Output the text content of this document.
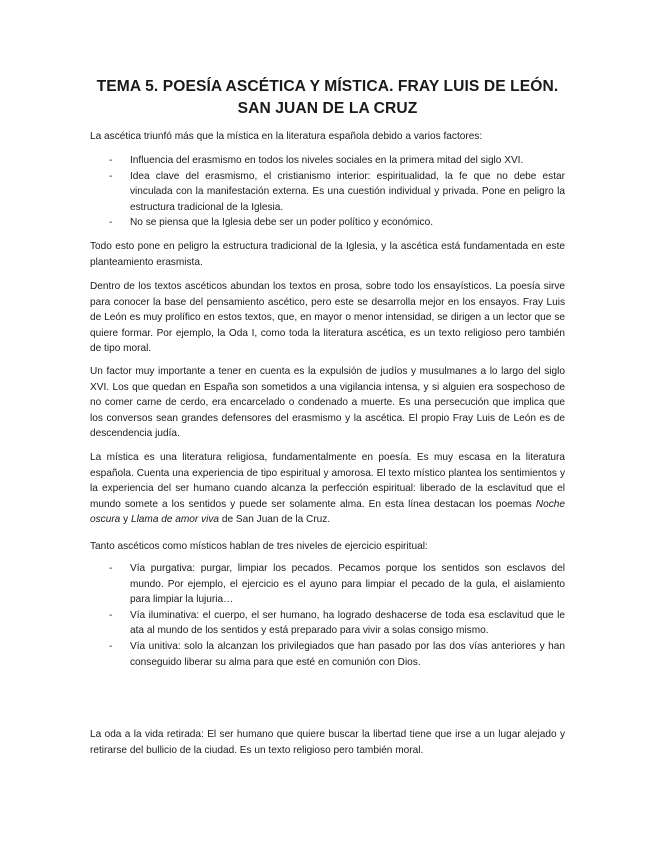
TEMA 5. POESÍA ASCÉTICA Y MÍSTICA. FRAY LUIS DE LEÓN. SAN JUAN DE LA CRUZ

La ascética triunfó más que la mística en la literatura española debido a varios factores:

- Influencia del erasmismo en todos los niveles sociales en la primera mitad del siglo XVI.
- Idea clave del erasmismo, el cristianismo interior: espiritualidad, la fe que no debe estar vinculada con la manifestación externa. Es una cuestión individual y privada. Pone en peligro la estructura tradicional de la Iglesia.
- No se piensa que la Iglesia debe ser un poder político y económico.

Todo esto pone en peligro la estructura tradicional de la Iglesia, y la ascética está fundamentada en este planteamiento erasmista.

Dentro de los textos ascéticos abundan los textos en prosa, sobre todo los ensayísticos. La poesía sirve para conocer la base del pensamiento ascético, pero este se desarrolla mejor en los ensayos. Fray Luis de León es muy prolífico en estos textos, que, en mayor o menor intensidad, se dirigen a un lector que se quiere formar. Por ejemplo, la Oda I, como toda la literatura ascética, es un texto religioso pero también de tipo moral.

Un factor muy importante a tener en cuenta es la expulsión de judíos y musulmanes a lo largo del siglo XVI. Los que quedan en España son sometidos a una vigilancia intensa, y si alguien era sospechoso de no comer carne de cerdo, era encarcelado o condenado a muerte. Es una persecución que implica que los conversos sean grandes defensores del erasmismo y la ascética. El propio Fray Luis de León es de descendencia judía.

La mística es una literatura religiosa, fundamentalmente en poesía. Es muy escasa en la literatura española. Cuenta una experiencia de tipo espiritual y amorosa. El texto místico plantea los sentimientos y la experiencia del ser humano cuando alcanza la perfección espiritual: liberado de la esclavitud que el mundo somete a los sentidos y puede ser solamente alma. En esta línea destacan los poemas Noche oscura y Llama de amor viva de San Juan de la Cruz.

Tanto ascéticos como místicos hablan de tres niveles de ejercicio espiritual:

- Vía purgativa: purgar, limpiar los pecados. Pecamos porque los sentidos son esclavos del mundo. Por ejemplo, el ejercicio es el ayuno para limpiar el pecado de la gula, el aislamiento para limpiar la lujuria…
- Vía iluminativa: el cuerpo, el ser humano, ha logrado deshacerse de toda esa esclavitud que le ata al mundo de los sentidos y está preparado para vivir a solas consigo mismo.
- Vía unitiva: solo la alcanzan los privilegiados que han pasado por las dos vías anteriores y han conseguido liberar su alma para que esté en comunión con Dios.

La oda a la vida retirada: El ser humano que quiere buscar la libertad tiene que irse a un lugar alejado y retirarse del bullicio de la ciudad. Es un texto religioso pero también moral.
